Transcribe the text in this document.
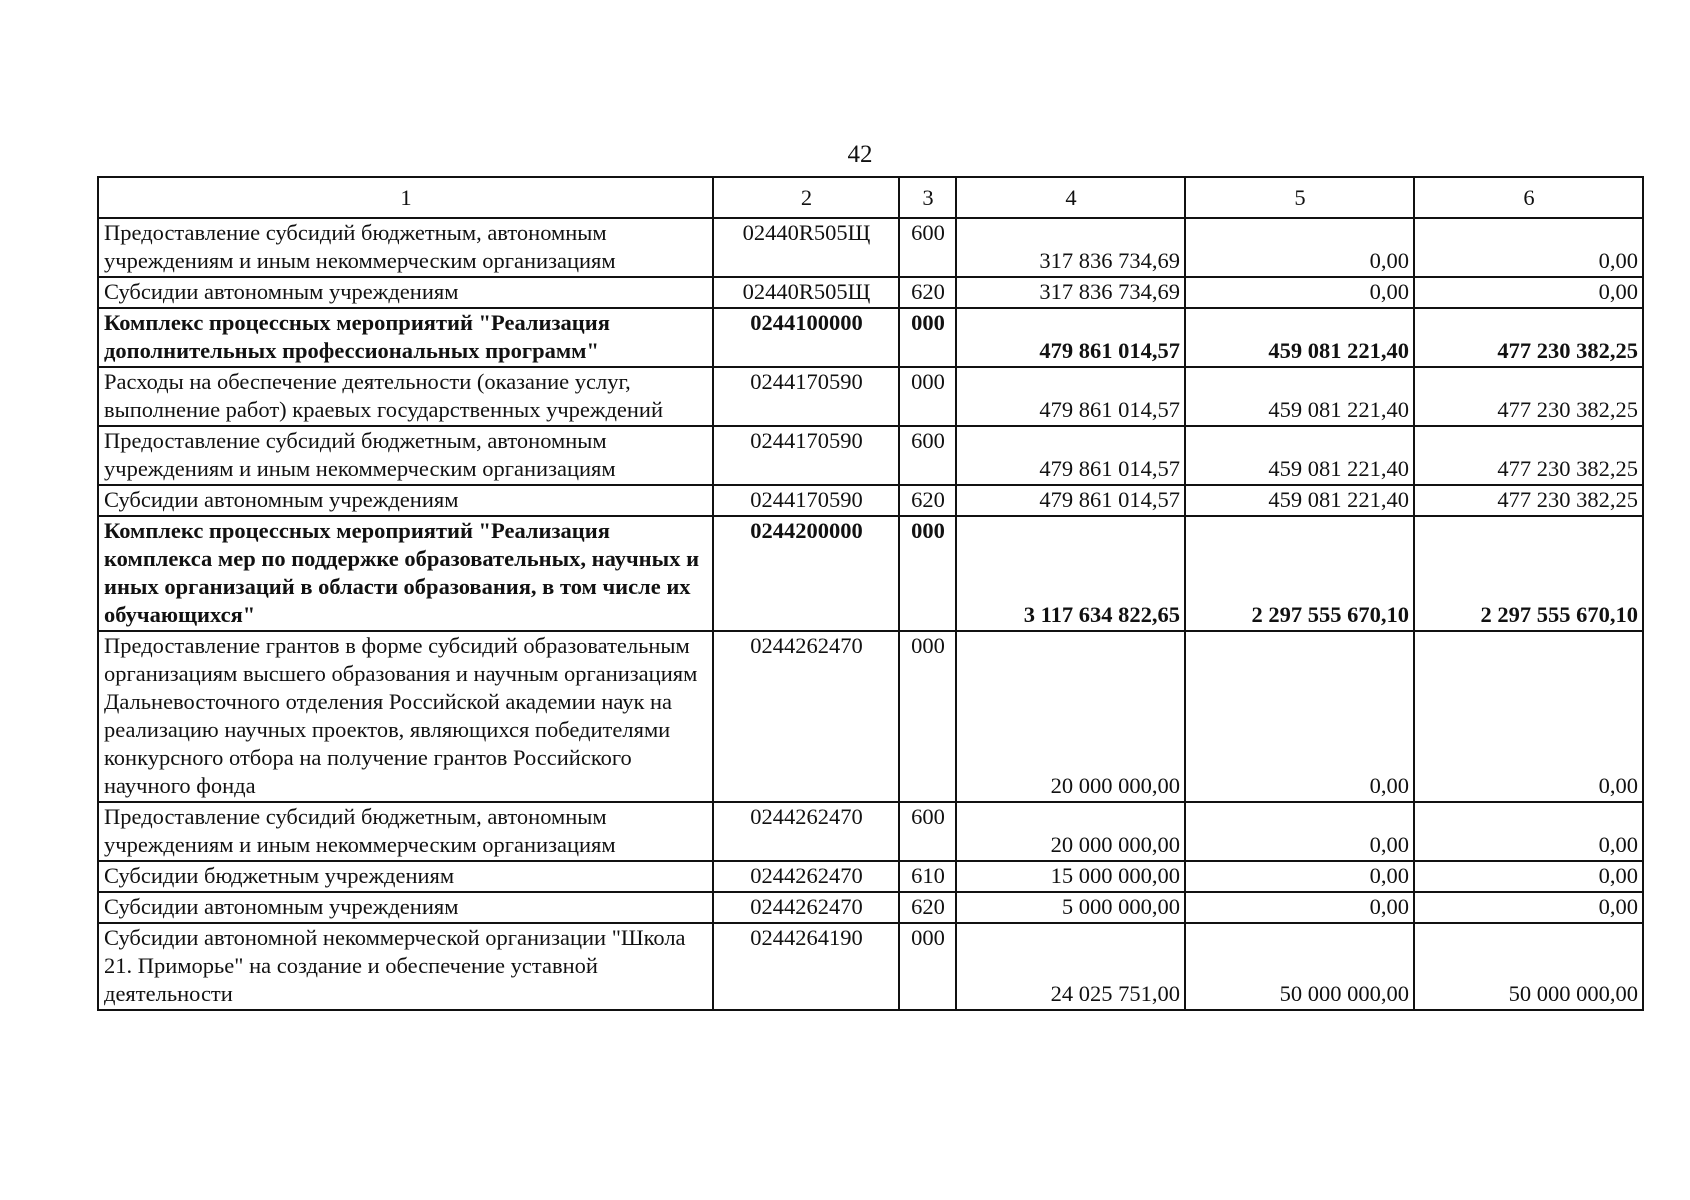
42
1	2	3	4	5	6
Предоставление субсидий бюджетным, автономным учреждениям и иным некоммерческим организациям	02440R505Щ	600	317 836 734,69	0,00	0,00
Субсидии автономным учреждениям	02440R505Щ	620	317 836 734,69	0,00	0,00
Комплекс процессных мероприятий "Реализация дополнительных профессиональных программ"	0244100000	000	479 861 014,57	459 081 221,40	477 230 382,25
Расходы на обеспечение деятельности (оказание услуг, выполнение работ) краевых государственных учреждений	0244170590	000	479 861 014,57	459 081 221,40	477 230 382,25
Предоставление субсидий бюджетным, автономным учреждениям и иным некоммерческим организациям	0244170590	600	479 861 014,57	459 081 221,40	477 230 382,25
Субсидии автономным учреждениям	0244170590	620	479 861 014,57	459 081 221,40	477 230 382,25
Комплекс процессных мероприятий "Реализация комплекса мер по поддержке образовательных, научных и иных организаций в области образования, в том числе их обучающихся"	0244200000	000	3 117 634 822,65	2 297 555 670,10	2 297 555 670,10
Предоставление грантов в форме субсидий образовательным организациям высшего образования и научным организациям Дальневосточного отделения Российской академии наук на реализацию научных проектов, являющихся победителями конкурсного отбора на получение грантов Российского научного фонда	0244262470	000	20 000 000,00	0,00	0,00
Предоставление субсидий бюджетным, автономным учреждениям и иным некоммерческим организациям	0244262470	600	20 000 000,00	0,00	0,00
Субсидии бюджетным учреждениям	0244262470	610	15 000 000,00	0,00	0,00
Субсидии автономным учреждениям	0244262470	620	5 000 000,00	0,00	0,00
Субсидии автономной некоммерческой организации "Школа 21. Приморье" на создание и обеспечение уставной деятельности	0244264190	000	24 025 751,00	50 000 000,00	50 000 000,00
